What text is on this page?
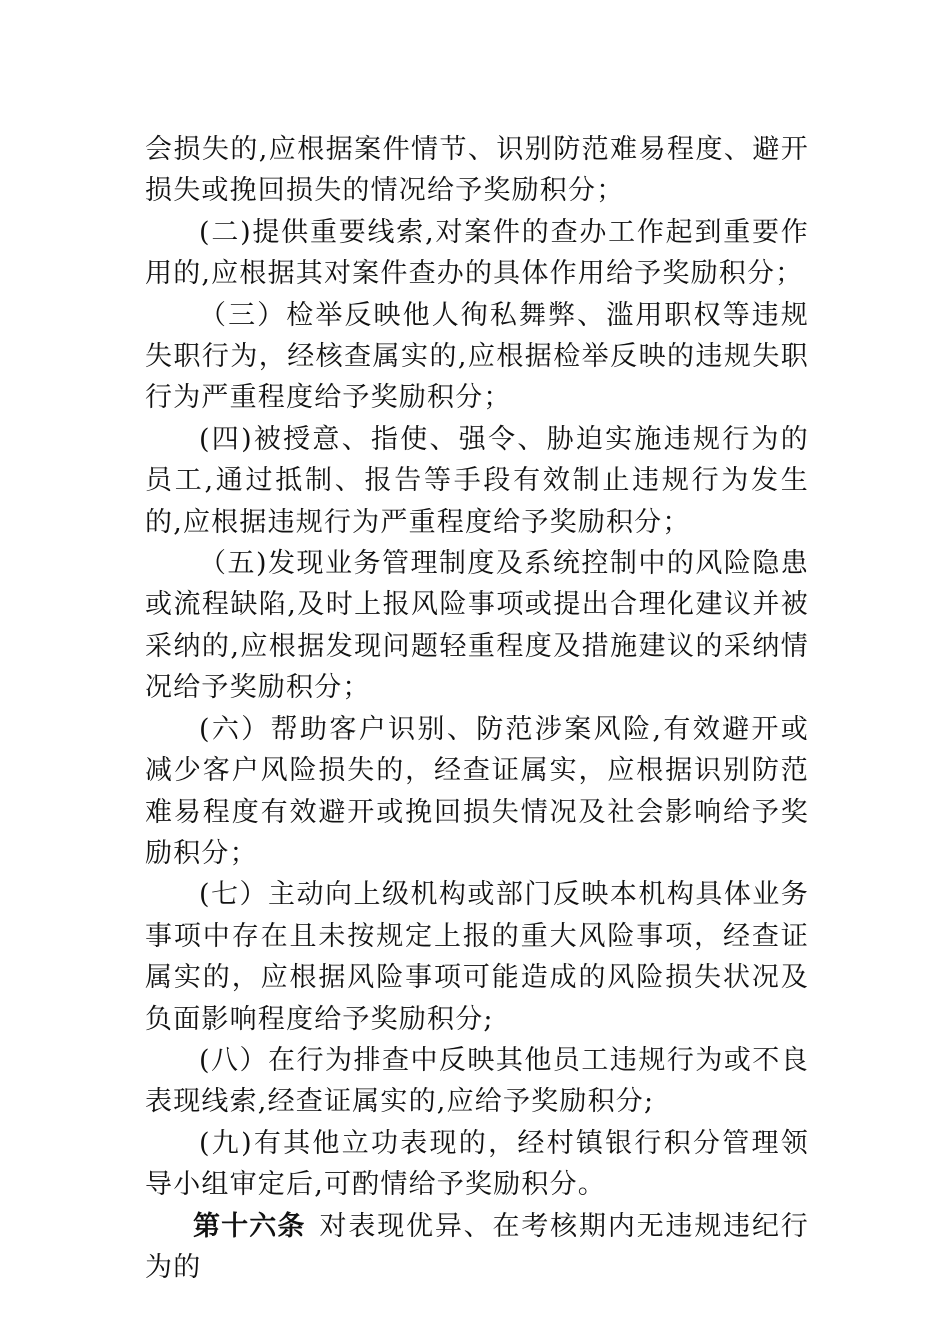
会损失的,应根据案件情节、识别防范难易程度、避开损失或挽回损失的情况给予奖励积分；

(二)提供重要线索,对案件的查办工作起到重要作用的,应根据其对案件查办的具体作用给予奖励积分；

（三）检举反映他人徇私舞弊、滥用职权等违规失职行为，经核查属实的,应根据检举反映的违规失职行为严重程度给予奖励积分；

(四)被授意、指使、强令、胁迫实施违规行为的员工,通过抵制、报告等手段有效制止违规行为发生的,应根据违规行为严重程度给予奖励积分；

（五)发现业务管理制度及系统控制中的风险隐患或流程缺陷,及时上报风险事项或提出合理化建议并被采纳的,应根据发现问题轻重程度及措施建议的采纳情况给予奖励积分；

(六）帮助客户识别、防范涉案风险,有效避开或减少客户风险损失的，经查证属实，应根据识别防范难易程度有效避开或挽回损失情况及社会影响给予奖励积分；

(七）主动向上级机构或部门反映本机构具体业务事项中存在且未按规定上报的重大风险事项，经查证属实的，应根据风险事项可能造成的风险损失状况及负面影响程度给予奖励积分;

(八）在行为排查中反映其他员工违规行为或不良表现线索,经查证属实的,应给予奖励积分;

(九)有其他立功表现的，经村镇银行积分管理领导小组审定后,可酌情给予奖励积分。

第十六条 对表现优异、在考核期内无违规违纪行为的
